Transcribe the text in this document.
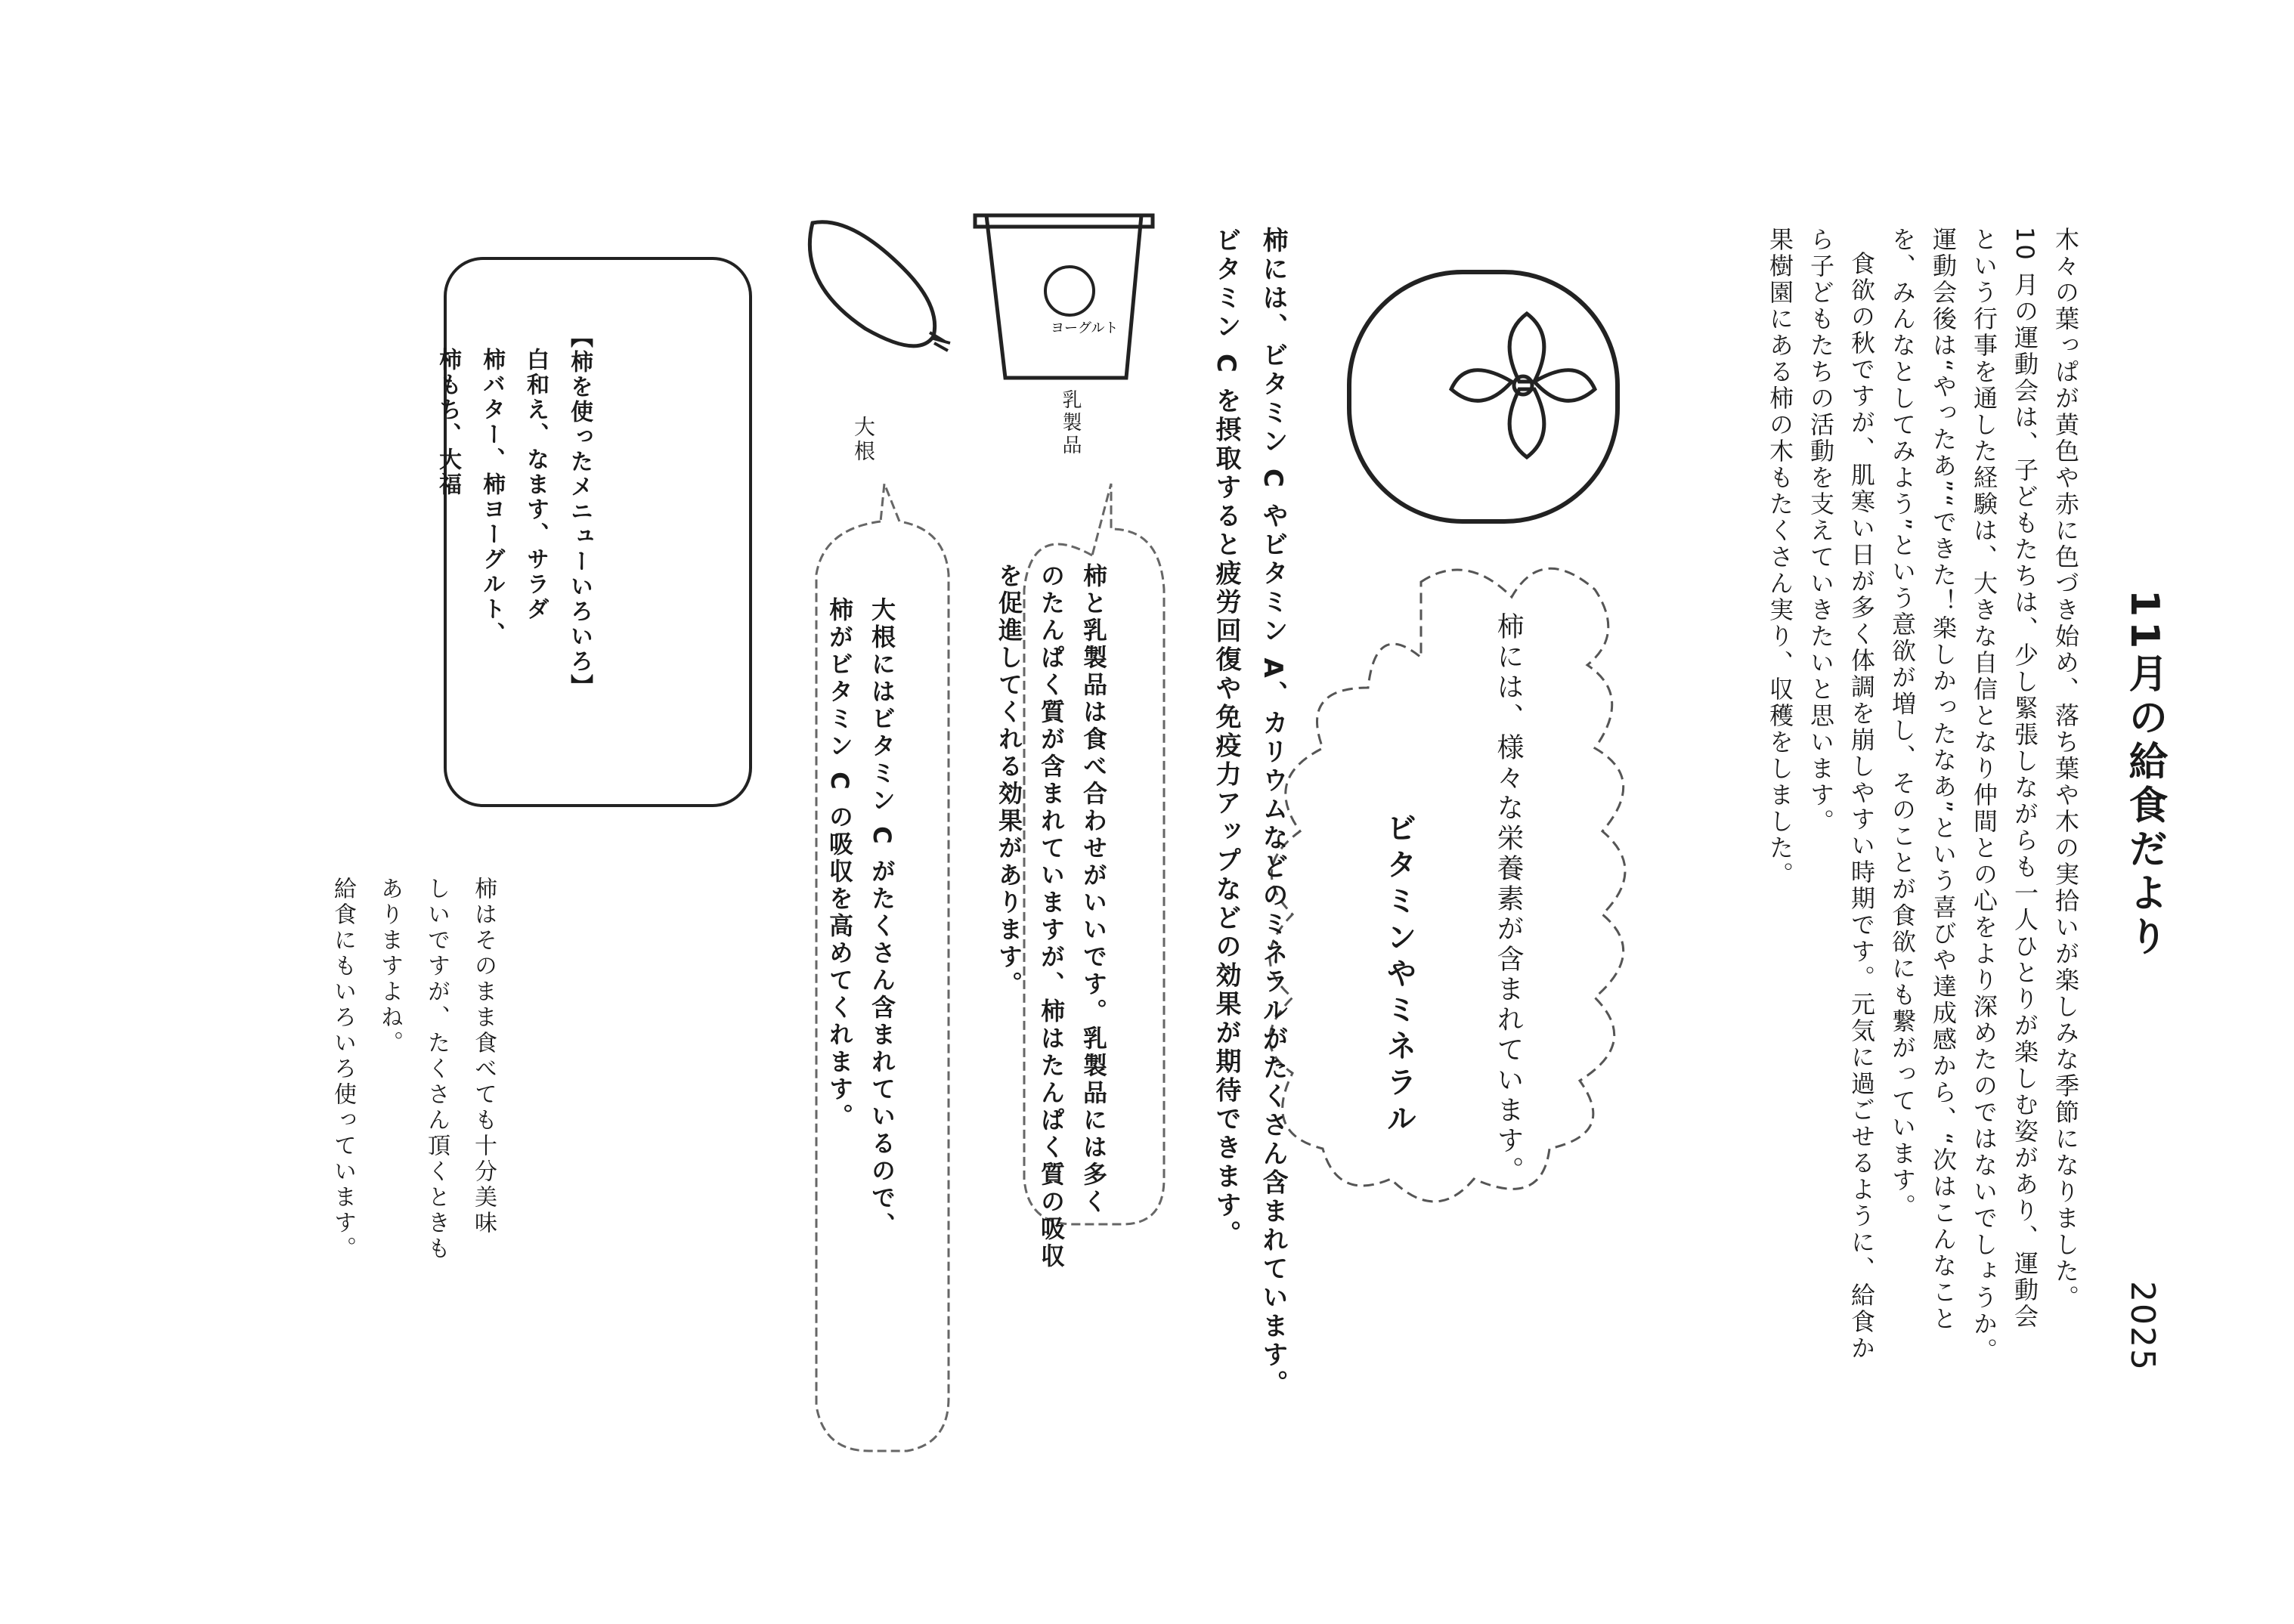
ヨーグルト
11月の給食だより
2025

木々の葉っぱが黄色や赤に色づき始め、落ち葉や木の実拾いが楽しみな季節になりました。

10 月の運動会は、子どもたちは、少し緊張しながらも一人ひとりが楽しむ姿があり、運動会

という行事を通した経験は、大きな自信となり仲間との心をより深めたのではないでしょうか。

運動会後は“やったあ”“できた！楽しかったなあ”という喜びや達成感から、“次はこんなこと

を、みんなとしてみよう”という意欲が増し、そのことが食欲にも繋がっています。

食欲の秋ですが、肌寒い日が多く体調を崩しやすい時期です。元気に過ごせるように、給食か

ら子どもたちの活動を支えていきたいと思います。

果樹園にある柿の木もたくさん実り、収穫をしました。

柿には、様々な栄養素が含まれています。
ビタミンやミネラル

柿には、ビタミン C やビタミン A、カリウムなどのミネラルがたくさん含まれています。

ビタミン C を摂取すると疲労回復や免疫力アップなどの効果が期待できます。

乳製品

柿と乳製品は食べ合わせがいいです。乳製品には多く

のたんぱく質が含まれていますが、柿はたんぱく質の吸収

を促進してくれる効果があります。

大根

大根にはビタミン C がたくさん含まれているので、

柿がビタミン C の吸収を高めてくれます。

【柿を使ったメニューいろいろ】
白和え、なます、サラダ
柿バター、柿ヨーグルト、
柿もち、大福

柿はそのまま食べても十分美味

しいですが、たくさん頂くときも

ありますよね。

給食にもいろいろ使っています。
